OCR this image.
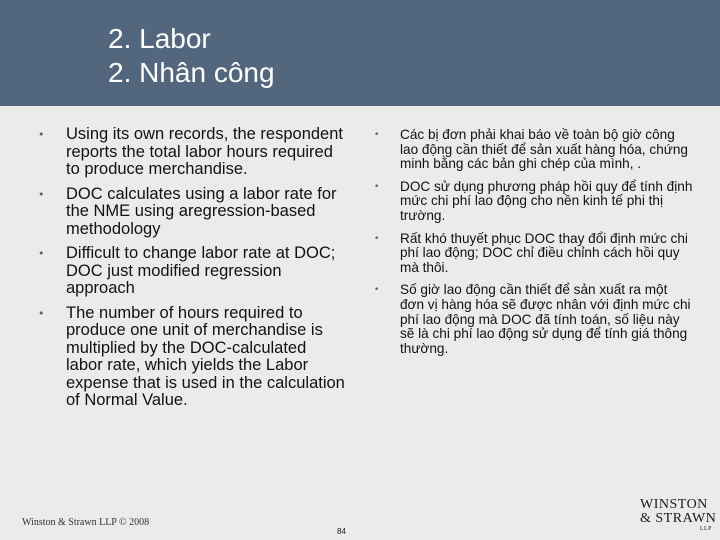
2. Labor
2. Nhân công
• Using its own records, the respondent reports the total labor hours required to produce merchandise.
• DOC calculates using a labor rate for the NME using aregression-based methodology
• Difficult to change labor rate at DOC; DOC just modified regression approach
• The number of hours required to produce one unit of merchandise is multiplied by the DOC-calculated labor rate, which yields the Labor expense that is used in the calculation of Normal Value.
• Các bị đơn phải khai báo về toàn bộ giờ công lao động cần thiết để sản xuất hàng hóa, chứng minh bằng các bản ghi chép của mình, .
• DOC sử dụng phương pháp hồi quy để tính định mức chi phí lao động cho nền kinh tế phi thị trường.
• Rất khó thuyết phục DOC thay đổi định mức chi phí lao động; DOC chỉ điều chỉnh cách hồi quy mà thôi.
• Số giờ lao động cần thiết để sản xuất ra một đơn vị hàng hóa sẽ được nhân với định mức chi phí lao động mà DOC đã tính toán, số liệu này sẽ là chi phí lao động sử dụng để tính giá thông thường.
Winston & Strawn LLP © 2008
84
WINSTON
& STRAWN
LLP
